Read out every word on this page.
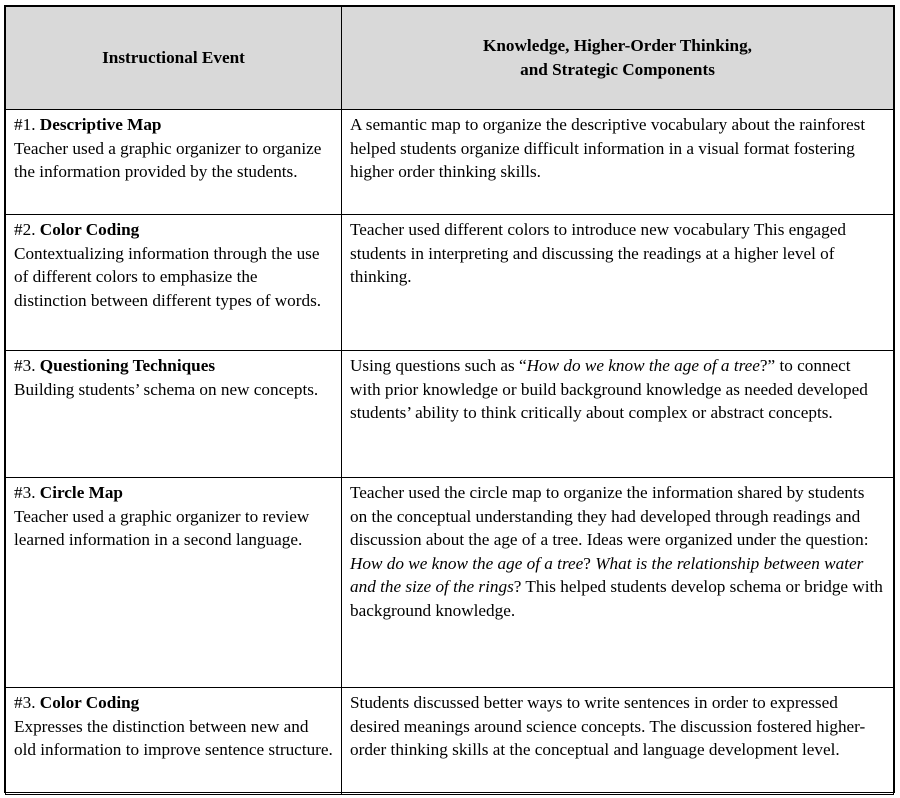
Instructional Event	Knowledge, Higher-Order Thinking,
and Strategic Components

#1. Descriptive Map
Teacher used a graphic organizer to organize the information provided by the students.	A semantic map to organize the descriptive vocabulary about the rainforest helped students organize difficult information in a visual format fostering higher order thinking skills.
#2. Color Coding
Contextualizing information through the use of different colors to emphasize the distinction between different types of words.	Teacher used different colors to introduce new vocabulary This engaged students in interpreting and discussing the readings at a higher level of thinking.
#3. Questioning Techniques
Building students’ schema on new concepts.	Using questions such as “How do we know the age of a tree?” to connect with prior knowledge or build background knowledge as needed developed students’ ability to think critically about complex or abstract concepts.
#3. Circle Map
Teacher used a graphic organizer to review learned information in a second language.	Teacher used the circle map to organize the information shared by students on the conceptual understanding they had developed through readings and discussion about the age of a tree. Ideas were organized under the question: How do we know the age of a tree? What is the relationship between water and the size of the rings? This helped students develop schema or bridge with background knowledge.
#3. Color Coding
Expresses the distinction between new and old information to improve sentence structure.	Students discussed better ways to write sentences in order to expressed desired meanings around science concepts. The discussion fostered higher-order thinking skills at the conceptual and language development level.
